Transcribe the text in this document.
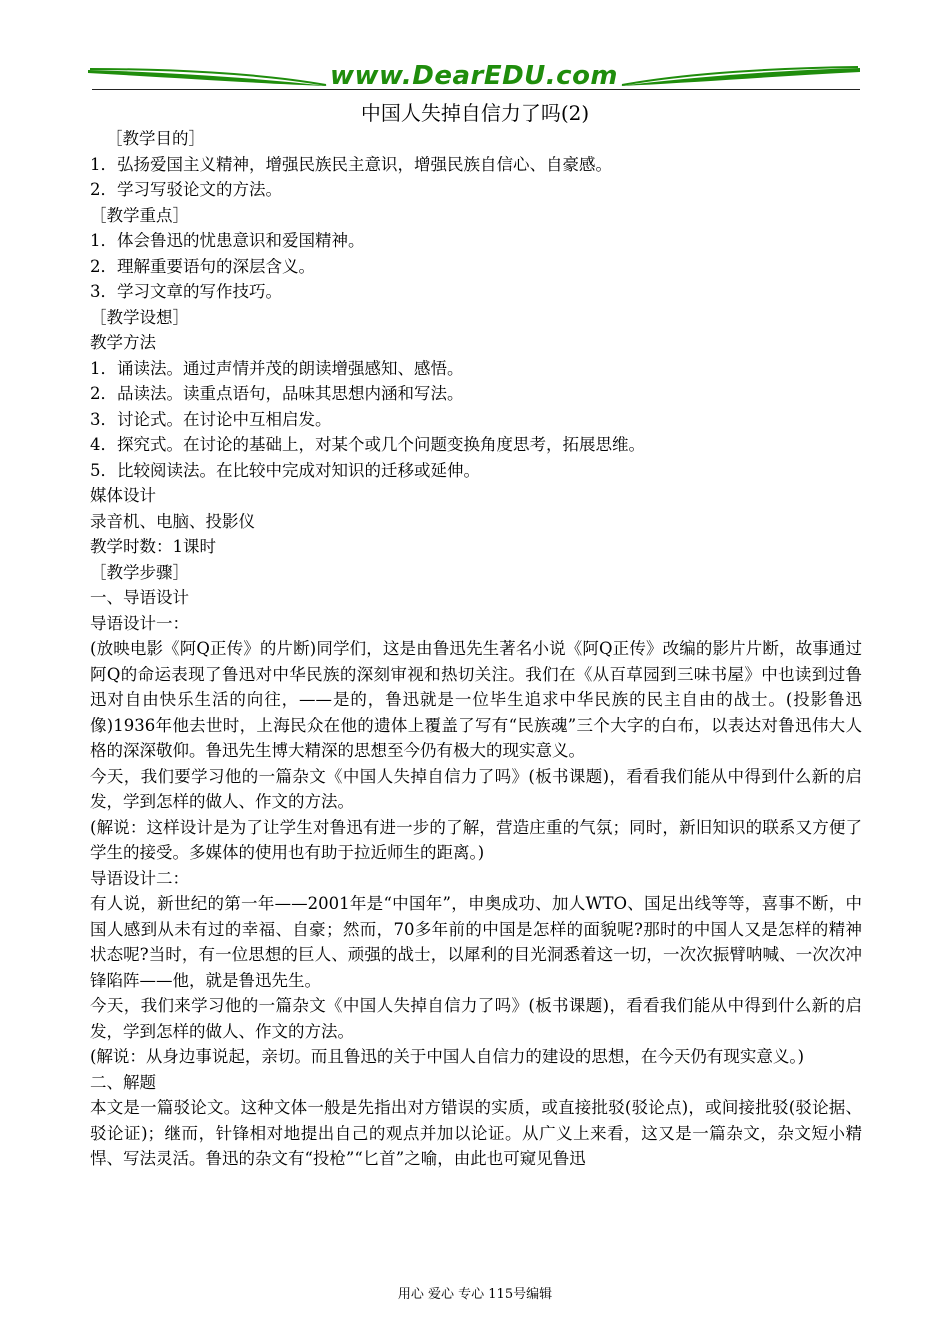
www.DearEDU.com
中国人失掉自信力了吗(2)

［教学目的］

1．弘扬爱国主义精神，增强民族民主意识，增强民族自信心、自豪感。

2．学习写驳论文的方法。

［教学重点］

1．体会鲁迅的忧患意识和爱国精神。

2．理解重要语句的深层含义。

3．学习文章的写作技巧。

［教学设想］

教学方法

1．诵读法。通过声情并茂的朗读增强感知、感悟。

2．品读法。读重点语句，品味其思想内涵和写法。

3．讨论式。在讨论中互相启发。

4．探究式。在讨论的基础上，对某个或几个问题变换角度思考，拓展思维。

5．比较阅读法。在比较中完成对知识的迁移或延伸。

媒体设计

录音机、电脑、投影仪

教学时数：1课时

［教学步骤］

一、导语设计

导语设计一：

(放映电影《阿Q正传》的片断)同学们，这是由鲁迅先生著名小说《阿Q正传》改编的影片片断，故事通过阿Q的命运表现了鲁迅对中华民族的深刻审视和热切关注。我们在《从百草园到三味书屋》中也读到过鲁迅对自由快乐生活的向往，——是的，鲁迅就是一位毕生追求中华民族的民主自由的战士。(投影鲁迅像)1936年他去世时，上海民众在他的遗体上覆盖了写有“民族魂”三个大字的白布，以表达对鲁迅伟大人格的深深敬仰。鲁迅先生博大精深的思想至今仍有极大的现实意义。

今天，我们要学习他的一篇杂文《中国人失掉自信力了吗》(板书课题)，看看我们能从中得到什么新的启发，学到怎样的做人、作文的方法。

(解说：这样设计是为了让学生对鲁迅有进一步的了解，营造庄重的气氛；同时，新旧知识的联系又方便了学生的接受。多媒体的使用也有助于拉近师生的距离。)

导语设计二：

有人说，新世纪的第一年——2001年是“中国年”，申奥成功、加人WTO、国足出线等等，喜事不断，中国人感到从未有过的幸福、自豪；然而，70多年前的中国是怎样的面貌呢?那时的中国人又是怎样的精神状态呢?当时，有一位思想的巨人、顽强的战士，以犀利的目光洞悉着这一切，一次次振臂呐喊、一次次冲锋陷阵——他，就是鲁迅先生。

今天，我们来学习他的一篇杂文《中国人失掉自信力了吗》(板书课题)，看看我们能从中得到什么新的启发，学到怎样的做人、作文的方法。

(解说：从身边事说起，亲切。而且鲁迅的关于中国人自信力的建设的思想，在今天仍有现实意义。)

二、解题

本文是一篇驳论文。这种文体一般是先指出对方错误的实质，或直接批驳(驳论点)，或间接批驳(驳论据、驳论证)；继而，针锋相对地提出自己的观点并加以论证。从广义上来看，这又是一篇杂文，杂文短小精悍、写法灵活。鲁迅的杂文有“投枪”“匕首”之喻，由此也可窥见鲁迅

用心 爱心 专心 115号编辑
